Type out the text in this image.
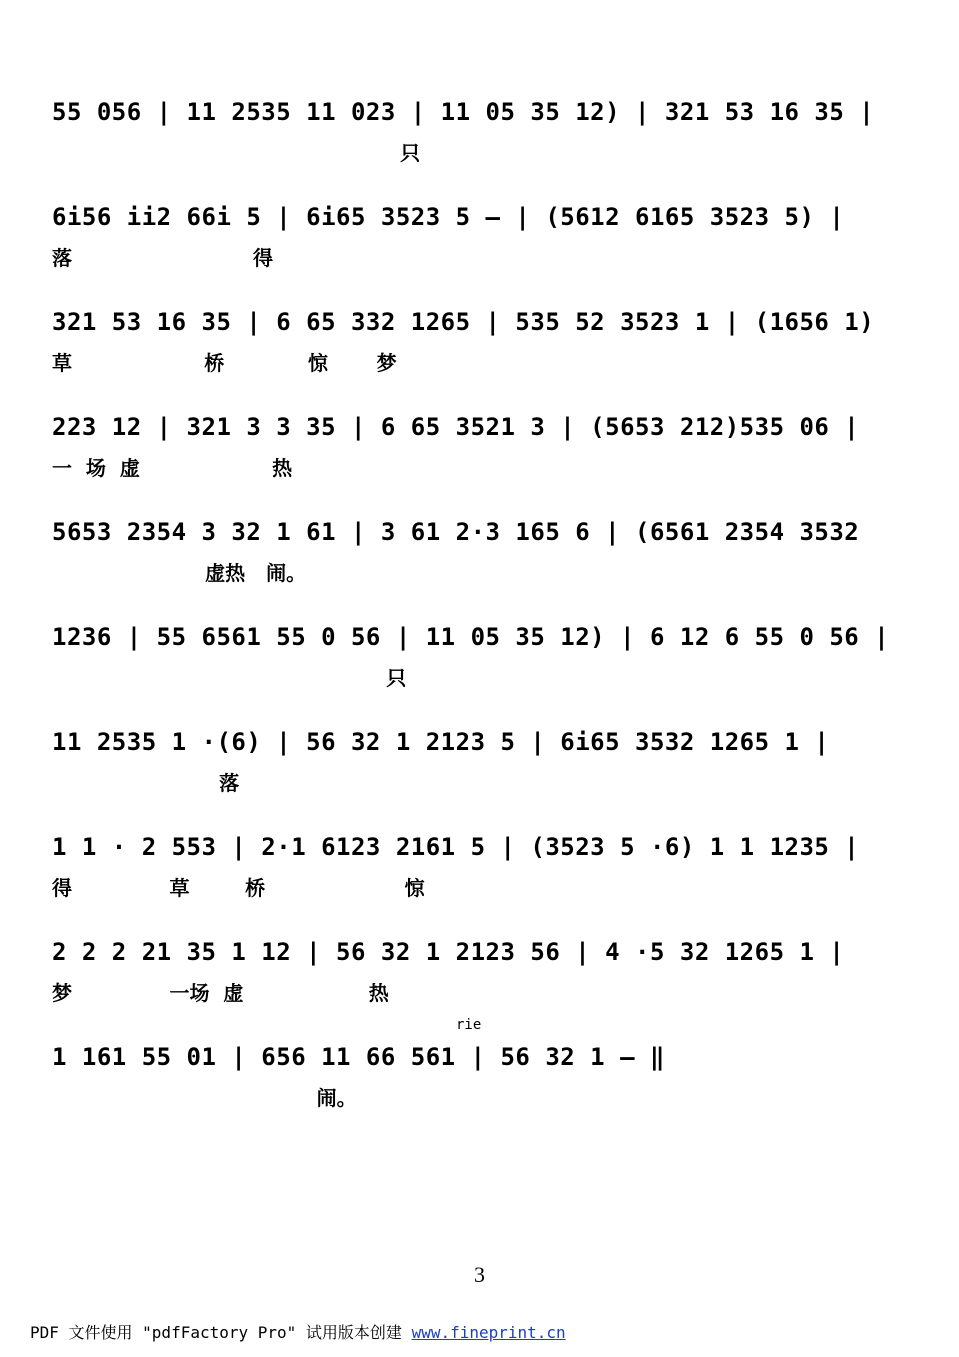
55 056 | 11 2535 11 023 | 11 05 35 12) | 321 53 16 35 |
只
6i56 ii2 66i 5 | 6i65 3523 5 — | (5612 6165 3523 5) |
落                          得
321 53 16 35 | 6 65 332 1265 | 535 52 3523 1 | (1656 1)
草                   桥            惊       梦
223 12 | 321 3 3 35 | 6 65 3521 3 | (5653 212)535 06 |
一  场  虚                   热
5653 2354 3 32 1 61 | 3 61 2·3 165 6 | (6561 2354 3532
虚热   闹。
1236 | 55 6561 55 0 56 | 11 05 35 12) | 6 12 6 55 0 56 |
只
11 2535 1 ·(6) | 56 32 1 2123 5 | 6i65 3532 1265 1 |
落
1 1 · 2 553 | 2·1 6123 2161 5 | (3523 5 ·6) 1 1 1235 |
得              草        桥                    惊
2 2 2 21 35 1 12 | 56 32 1 2123 56 | 4 ·5 32 1265 1 |
梦              一场  虚                  热
rie
1 161 55 01 | 656 11 66 561 | 56 32 1 — ‖
闹。
3
PDF 文件使用 "pdfFactory Pro" 试用版本创建 www.fineprint.cn
